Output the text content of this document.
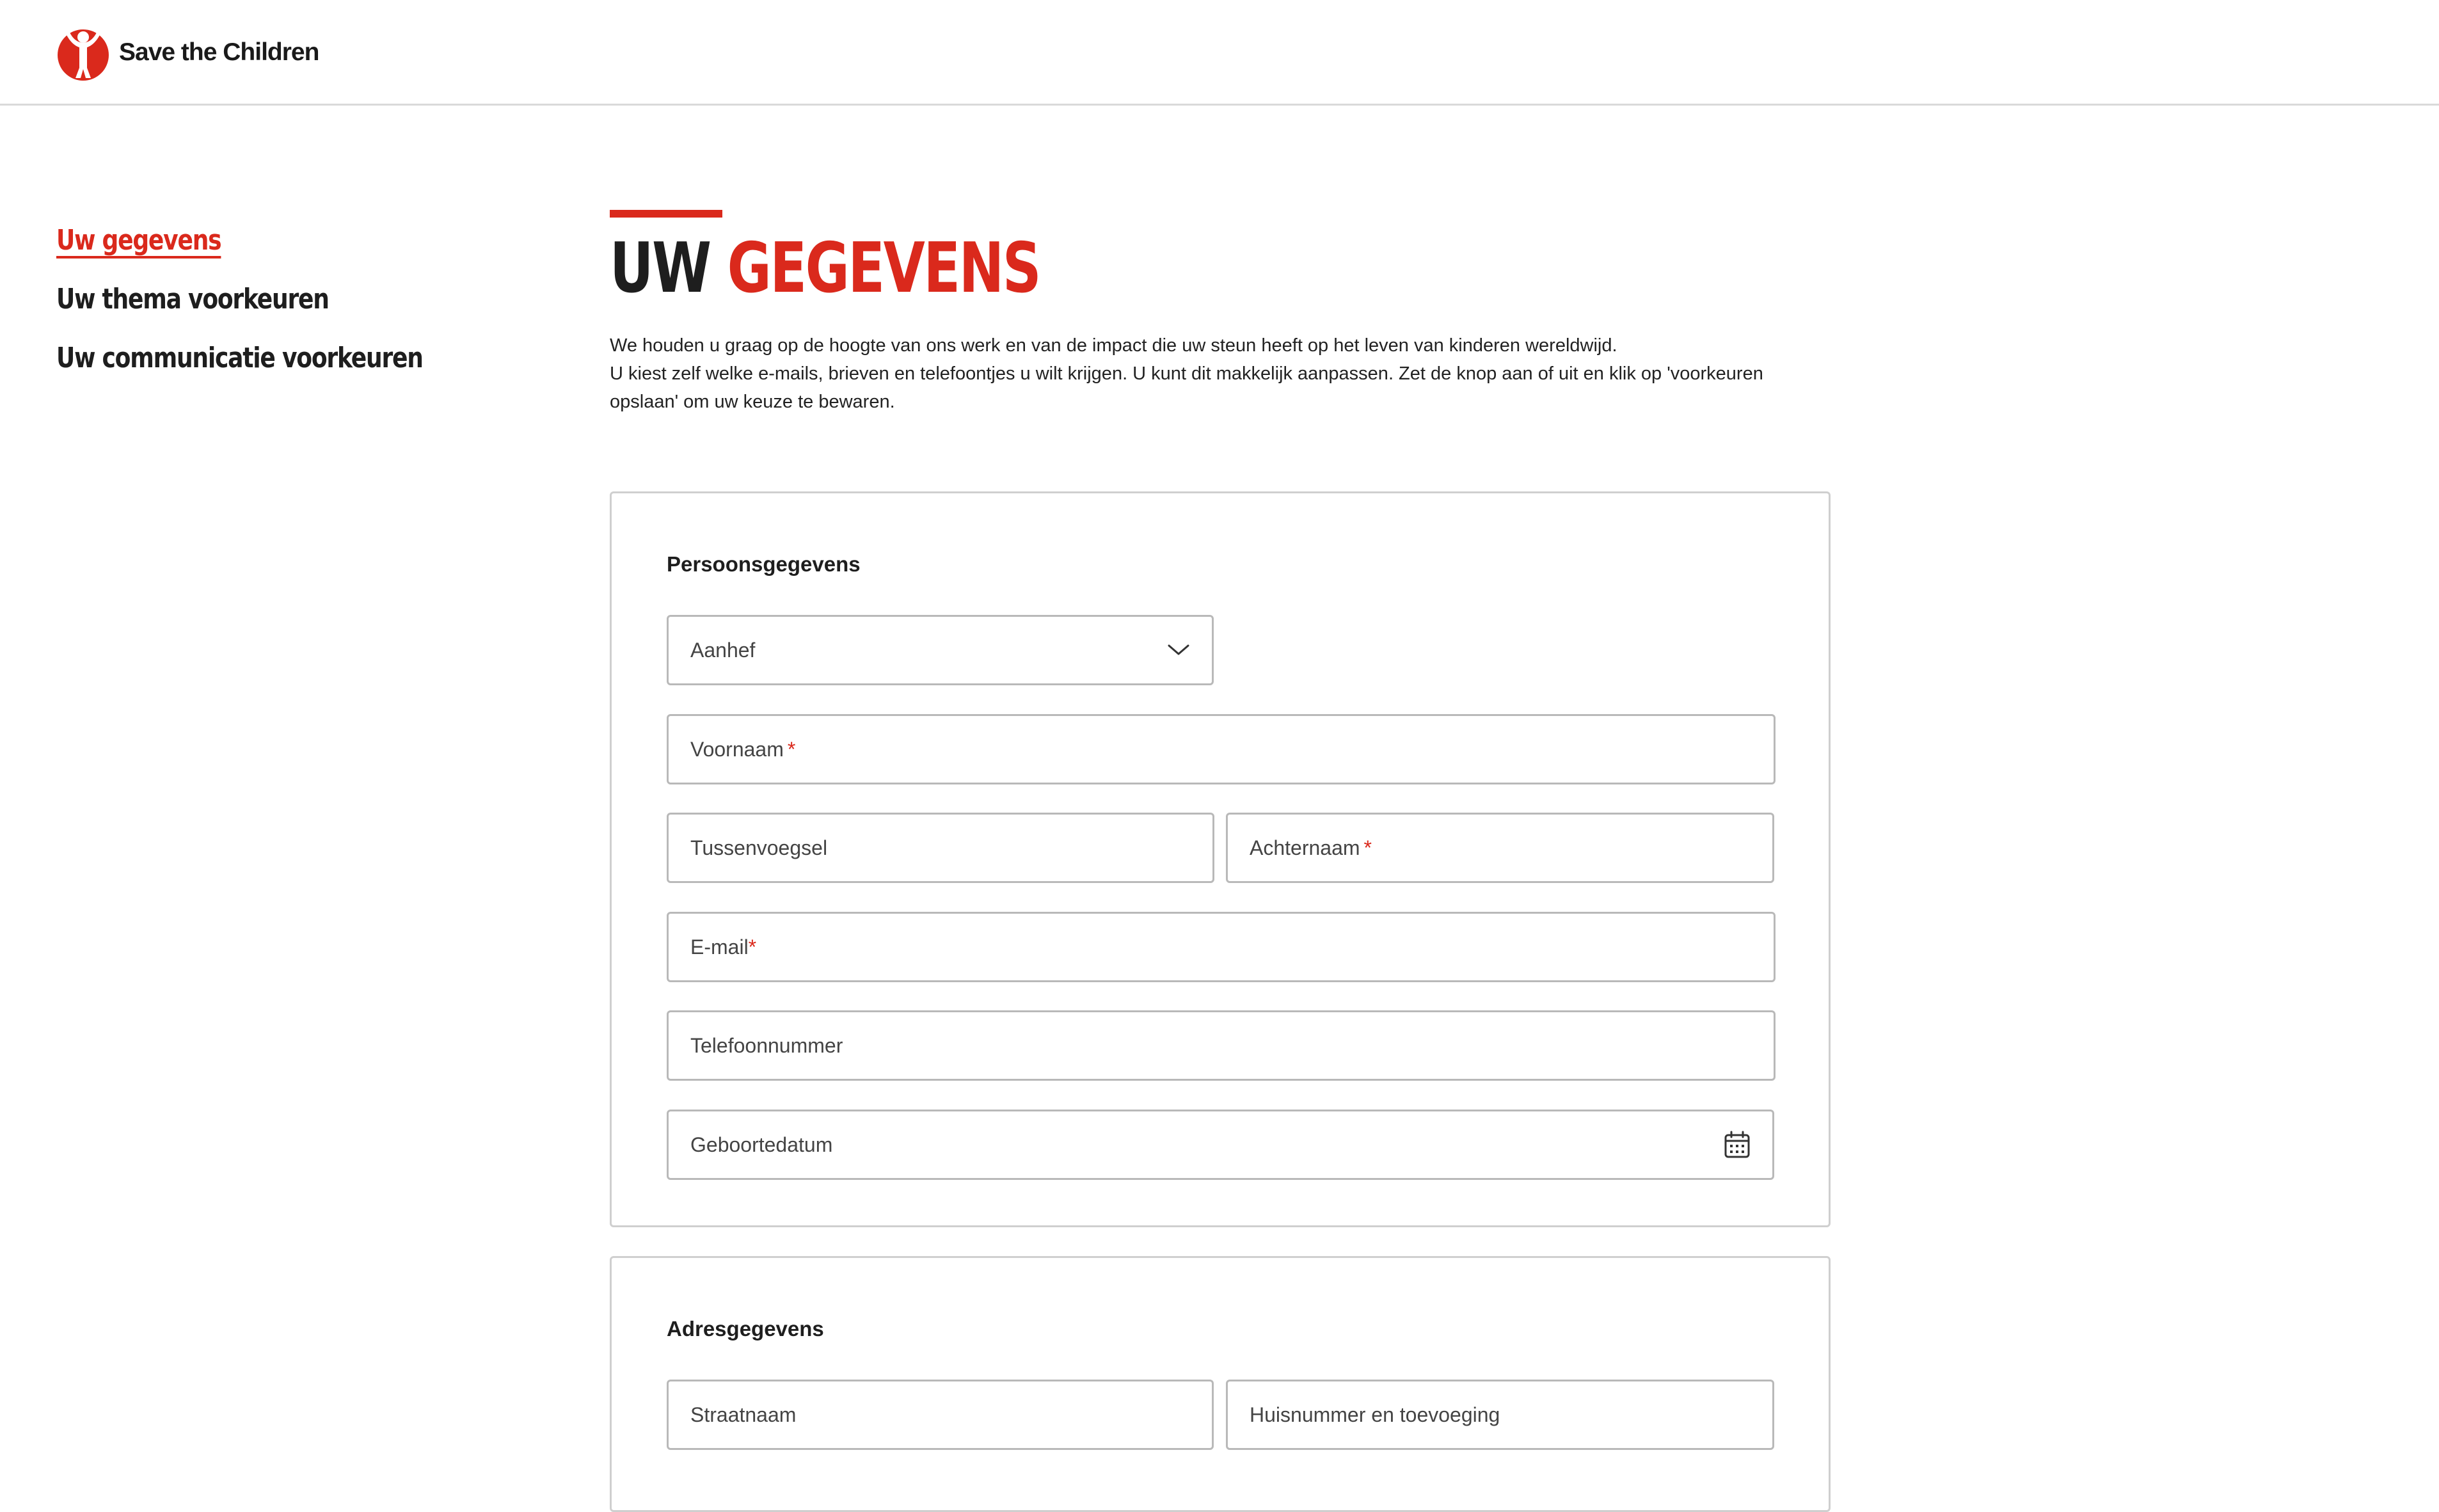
Save the Children
Uw gegevens
Uw thema voorkeuren
Uw communicatie voorkeuren
UW GEGEVENS

We houden u graag op de hoogte van ons werk en van de impact die uw steun heeft op het leven van kinderen wereldwijd.

U kiest zelf welke e-mails, brieven en telefoontjes u wilt krijgen. U kunt dit makkelijk aanpassen. Zet de knop aan of uit en klik op 'voorkeuren opslaan' om uw keuze te bewaren.

Persoonsgegevens
Aanhef
Voornaam *
Tussenvoegsel	Achternaam *
E-mail *
Telefoonnummer
Geboortedatum
Adresgegevens
Straatnaam	Huisnummer en toevoeging
